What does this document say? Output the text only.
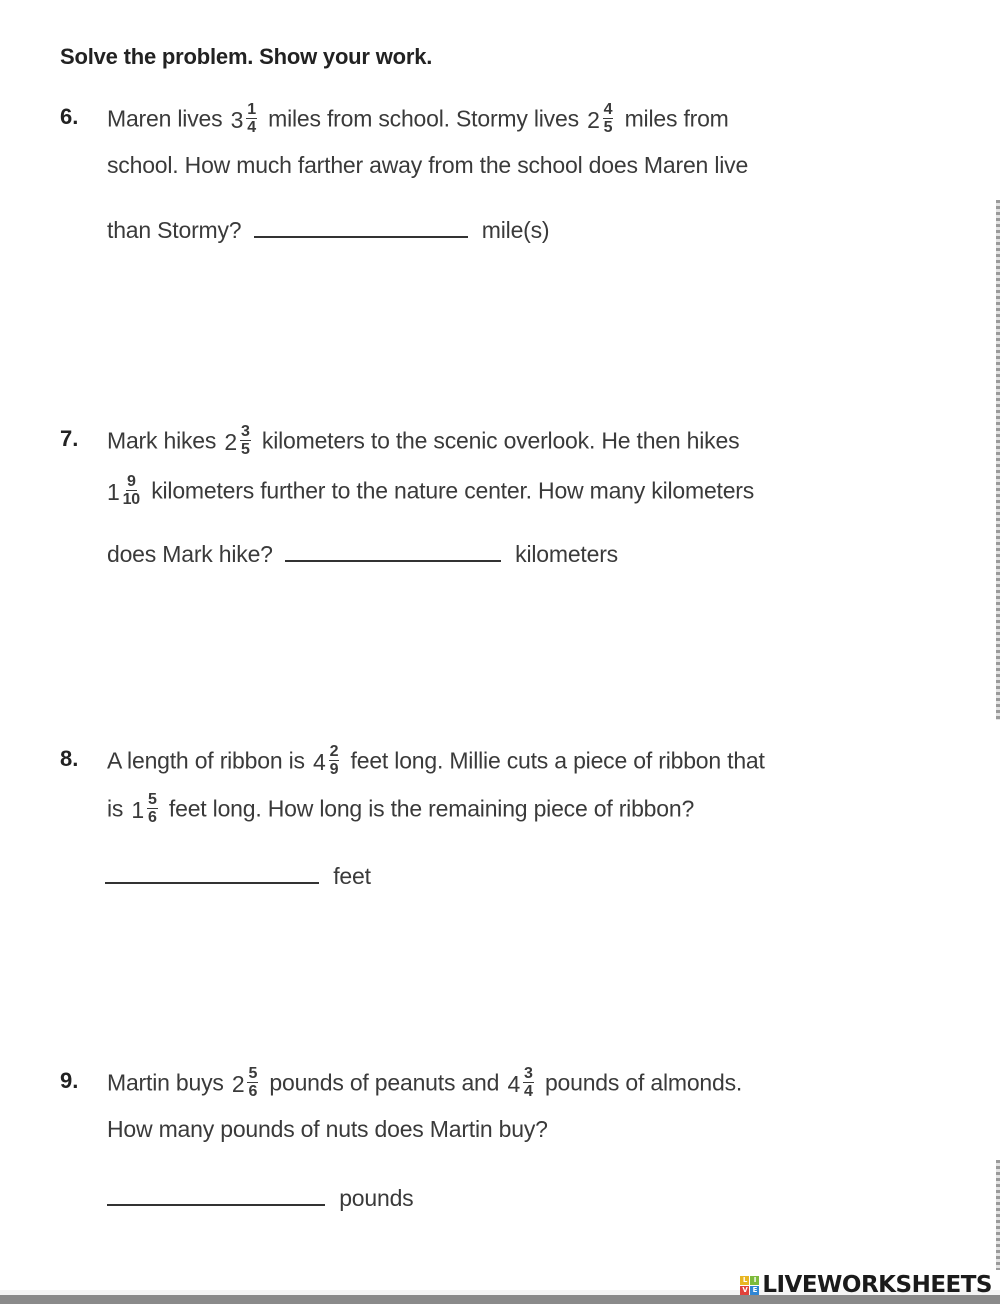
Solve the problem. Show your work.
6. Maren lives $3 \frac{1}{4}$ miles from school. Stormy lives $2 \frac{4}{5}$ miles from
school. How much farther away from the school does Maren live
than Stormy?	mile(s)
7. Mark hikes $2 \frac{3}{5}$ kilometers to the scenic overlook. He then hikes
$1 \frac{9}{10}$ kilometers further to the nature center. How many kilometers
does Mark hike?	kilometers
8. A length of ribbon is $4 \frac{2}{9}$ feet long. Millie cuts a piece of ribbon that
is $1 \frac{5}{6}$ feet long. How long is the remaining piece of ribbon?
feet
9. Martin buys $2 \frac{5}{6}$ pounds of peanuts and $4 \frac{3}{4}$ pounds of almonds.
How many pounds of nuts does Martin buy?
pounds
L I
V E LIVEWORKSHEETS
